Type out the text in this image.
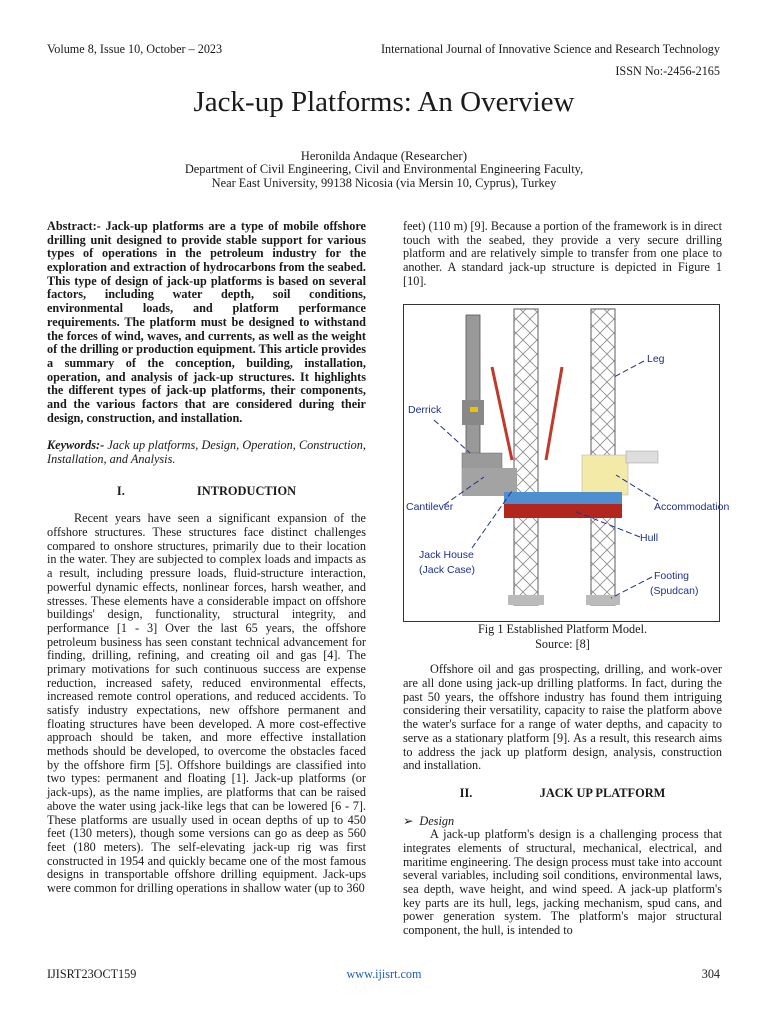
Volume 8, Issue 10, October – 2023	International Journal of Innovative Science and Research Technology
ISSN No:-2456-2165
Jack-up Platforms: An Overview
Heronilda Andaque (Researcher)
Department of Civil Engineering, Civil and Environmental Engineering Faculty,
Near East University, 99138 Nicosia (via Mersin 10, Cyprus), Turkey

Abstract:- Jack-up platforms are a type of mobile offshore drilling unit designed to provide stable support for various types of operations in the petroleum industry for the exploration and extraction of hydrocarbons from the seabed. This type of design of jack-up platforms is based on several factors, including water depth, soil conditions, environmental loads, and platform performance requirements. The platform must be designed to withstand the forces of wind, waves, and currents, as well as the weight of the drilling or production equipment. This article provides a summary of the conception, building, installation, operation, and analysis of jack-up structures. It highlights the different types of jack-up platforms, their components, and the various factors that are considered during their design, construction, and installation.

Keywords:- Jack up platforms, Design, Operation, Construction, Installation, and Analysis.

I.	INTRODUCTION

Recent years have seen a significant expansion of the offshore structures. These structures face distinct challenges compared to onshore structures, primarily due to their location in the water. They are subjected to complex loads and impacts as a result, including pressure loads, fluid-structure interaction, powerful dynamic effects, nonlinear forces, harsh weather, and stresses. These elements have a considerable impact on offshore buildings' design, functionality, structural integrity, and performance [1 - 3] Over the last 65 years, the offshore petroleum business has seen constant technical advancement for finding, drilling, refining, and creating oil and gas [4]. The primary motivations for such continuous success are expense reduction, increased safety, reduced environmental effects, increased remote control operations, and reduced accidents. To satisfy industry expectations, new offshore permanent and floating structures have been developed. A more cost-effective approach should be taken, and more effective installation methods should be developed, to overcome the obstacles faced by the offshore firm [5]. Offshore buildings are classified into two types: permanent and floating [1]. Jack-up platforms (or jack-ups), as the name implies, are platforms that can be raised above the water using jack-like legs that can be lowered [6 - 7]. These platforms are usually used in ocean depths of up to 450 feet (130 meters), though some versions can go as deep as 560 feet (180 meters). The self-elevating jack-up rig was first constructed in 1954 and quickly became one of the most famous designs in transportable offshore drilling equipment. Jack-ups were common for drilling operations in shallow water (up to 360

feet) (110 m) [9]. Because a portion of the framework is in direct touch with the seabed, they provide a very secure drilling platform and are relatively simple to transfer from one place to another. A standard jack-up structure is depicted in Figure 1 [10].

Leg
Derrick
Cantilever	Accommodation
Hull
Jack House
(Jack Case)	Footing
(Spudcan)

Fig 1 Established Platform Model.

Source: [8]

Offshore oil and gas prospecting, drilling, and work-over are all done using jack-up drilling platforms. In fact, during the past 50 years, the offshore industry has found them intriguing considering their versatility, capacity to raise the platform above the water's surface for a range of water depths, and capacity to serve as a stationary platform [9]. As a result, this research aims to address the jack up platform design, analysis, construction and installation.

II.	JACK UP PLATFORM

➢ Design

A jack-up platform's design is a challenging process that integrates elements of structural, mechanical, electrical, and maritime engineering. The design process must take into account several variables, including soil conditions, environmental laws, sea depth, wave height, and wind speed. A jack-up platform's key parts are its hull, legs, jacking mechanism, spud cans, and power generation system. The platform's major structural component, the hull, is intended to

IJISRT23OCT159	www.ijisrt.com	304
